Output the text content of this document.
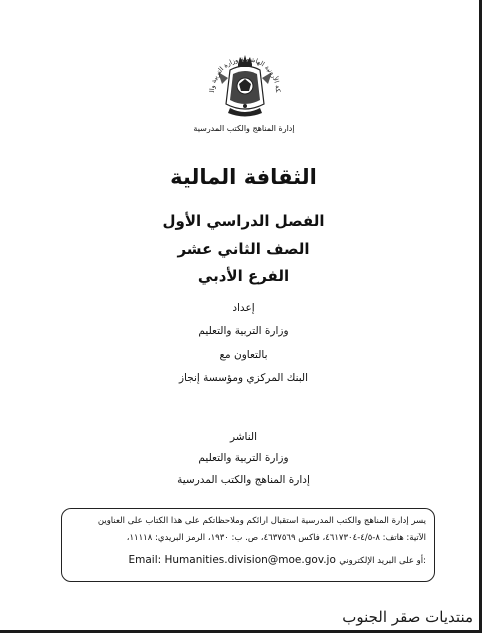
كة الأردنية الهاشمية وزارة التربية وال
إدارة المناهج والكتب المدرسية
الثقافة المالية
الفصل الدراسي الأول
الصف الثاني عشر
الفرع الأدبي
إعداد
وزارة التربية والتعليم
بالتعاون مع
البنك المركزي ومؤسسة إنجاز
الناشر
وزارة التربية والتعليم
إدارة المناهج والكتب المدرسية
يسر إدارة المناهج والكتب المدرسية استقبال آرائكم وملاحظاتكم على هذا الكتاب على العناوين
الآتية: هاتف: ٨-٤/٥-٤٦١٧٣٠٤، فاكس ٤٦٣٧٥٦٩، ص. ب: ١٩٣٠، الرمز البريدي: ١١١١٨،
Email: Humanities.division@moe.gov.jo أو على البريد الإلكتروني:
منتديات صقر الجنوب
